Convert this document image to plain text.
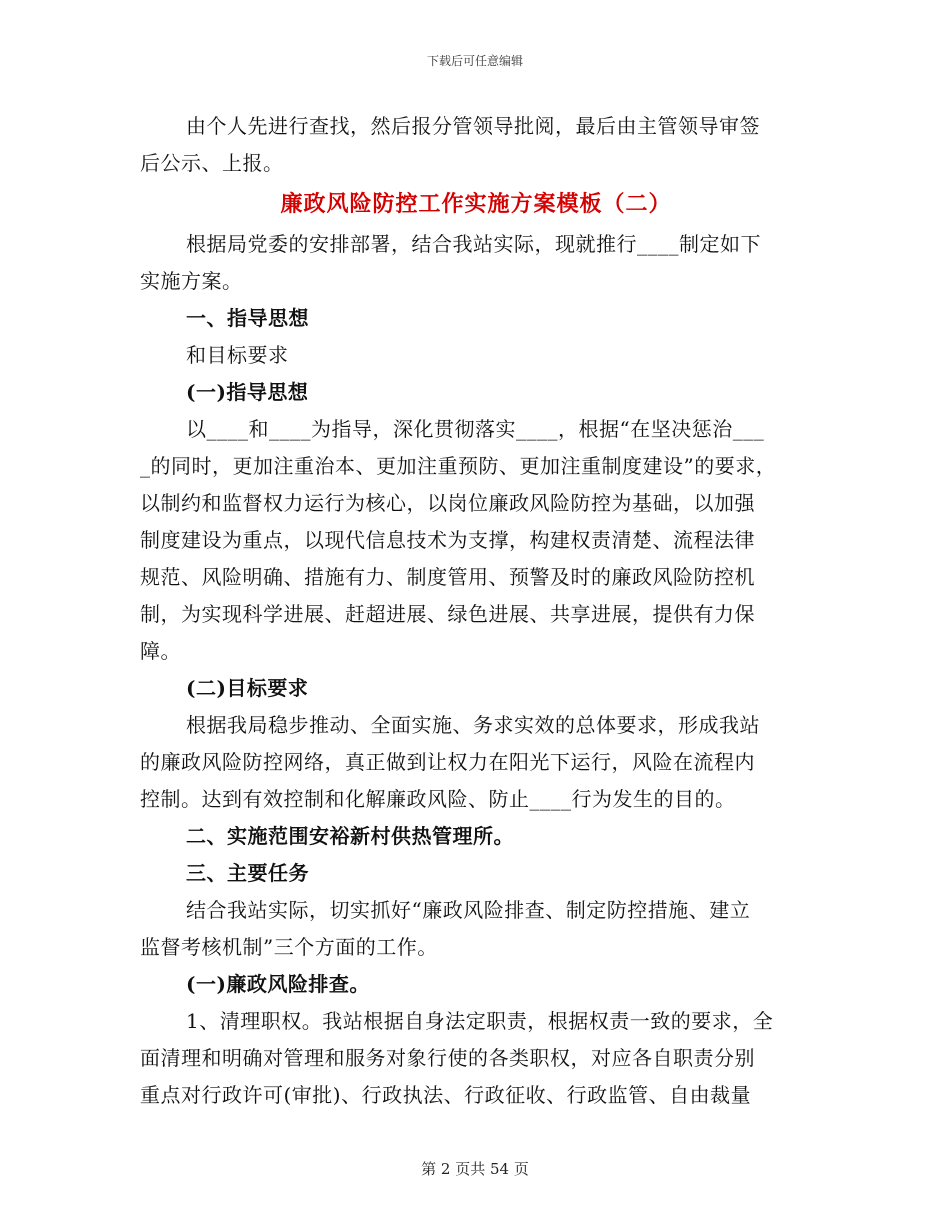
下载后可任意编辑
由个人先进行查找，然后报分管领导批阅，最后由主管领导审签
后公示、上报。
廉政风险防控工作实施方案模板（二）
根据局党委的安排部署，结合我站实际，现就推行____制定如下
实施方案。
一、指导思想
和目标要求
(一)指导思想
以____和____为指导，深化贯彻落实____，根据“在坚决惩治___
_的同时，更加注重治本、更加注重预防、更加注重制度建设”的要求，
以制约和监督权力运行为核心，以岗位廉政风险防控为基础，以加强
制度建设为重点，以现代信息技术为支撑，构建权责清楚、流程法律
规范、风险明确、措施有力、制度管用、预警及时的廉政风险防控机
制，为实现科学进展、赶超进展、绿色进展、共享进展，提供有力保
障。
(二)目标要求
根据我局稳步推动、全面实施、务求实效的总体要求，形成我站
的廉政风险防控网络，真正做到让权力在阳光下运行，风险在流程内
控制。达到有效控制和化解廉政风险、防止____行为发生的目的。
二、实施范围安裕新村供热管理所。
三、主要任务
结合我站实际，切实抓好“廉政风险排查、制定防控措施、建立
监督考核机制”三个方面的工作。
(一)廉政风险排查。
1、清理职权。我站根据自身法定职责，根据权责一致的要求，全
面清理和明确对管理和服务对象行使的各类职权，对应各自职责分别
重点对行政许可(审批)、行政执法、行政征收、行政监管、自由裁量
第 2 页共 54 页
